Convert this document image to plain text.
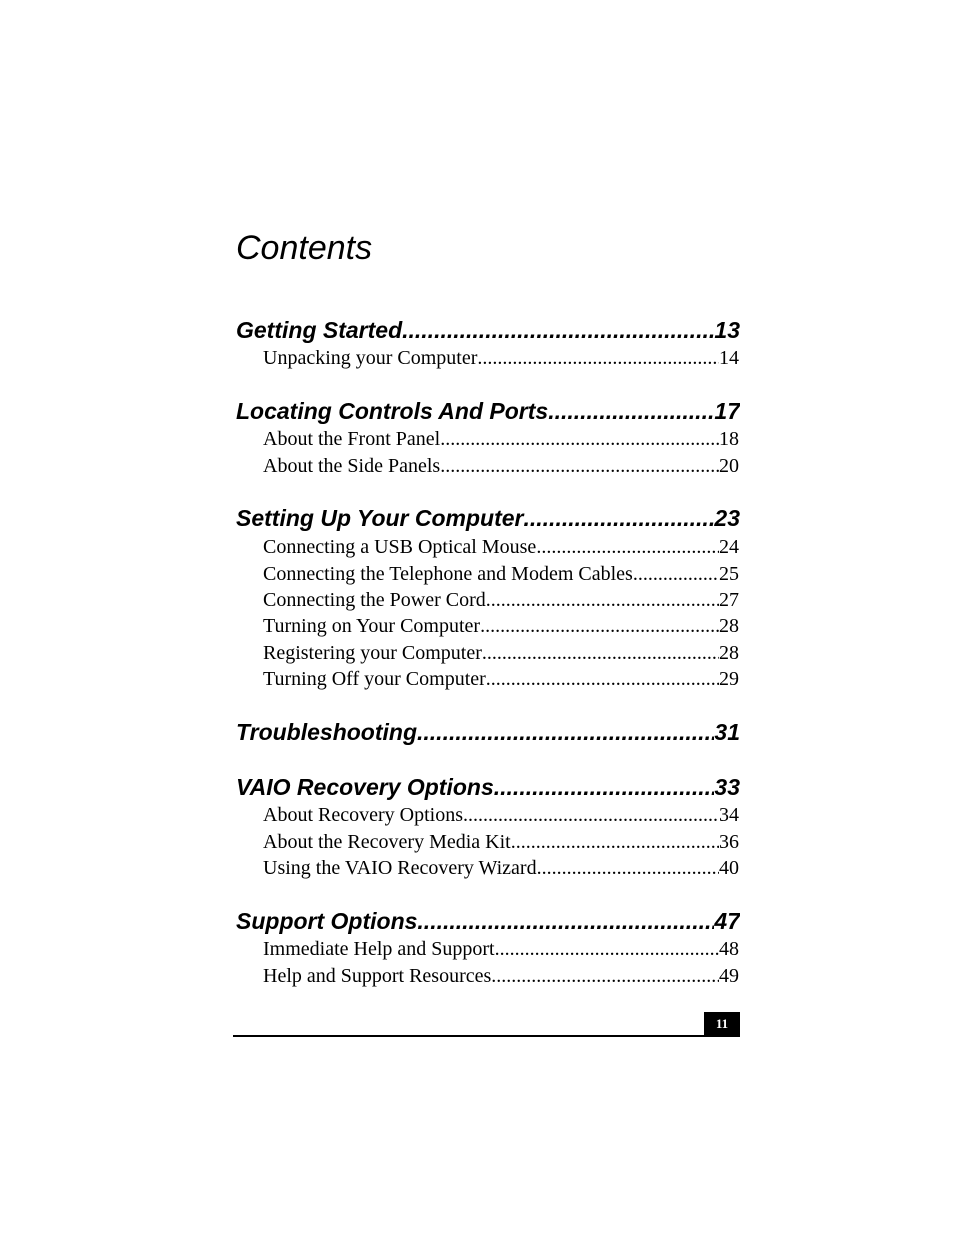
Contents
Getting Started .....	13
Unpacking your Computer .....	14
Locating Controls And Ports .....	17
About the Front Panel .....	18
About the Side Panels .....	20
Setting Up Your Computer .....	23
Connecting a USB Optical Mouse .....	24
Connecting the Telephone and Modem Cables .....	25
Connecting the Power Cord .....	27
Turning on Your Computer .....	28
Registering your Computer .....	28
Turning Off your Computer .....	29
Troubleshooting .....	31
VAIO Recovery Options .....	33
About Recovery Options .....	34
About the Recovery Media Kit .....	36
Using the VAIO Recovery Wizard .....	40
Support Options .....	47
Immediate Help and Support .....	48
Help and Support Resources .....	49
11
